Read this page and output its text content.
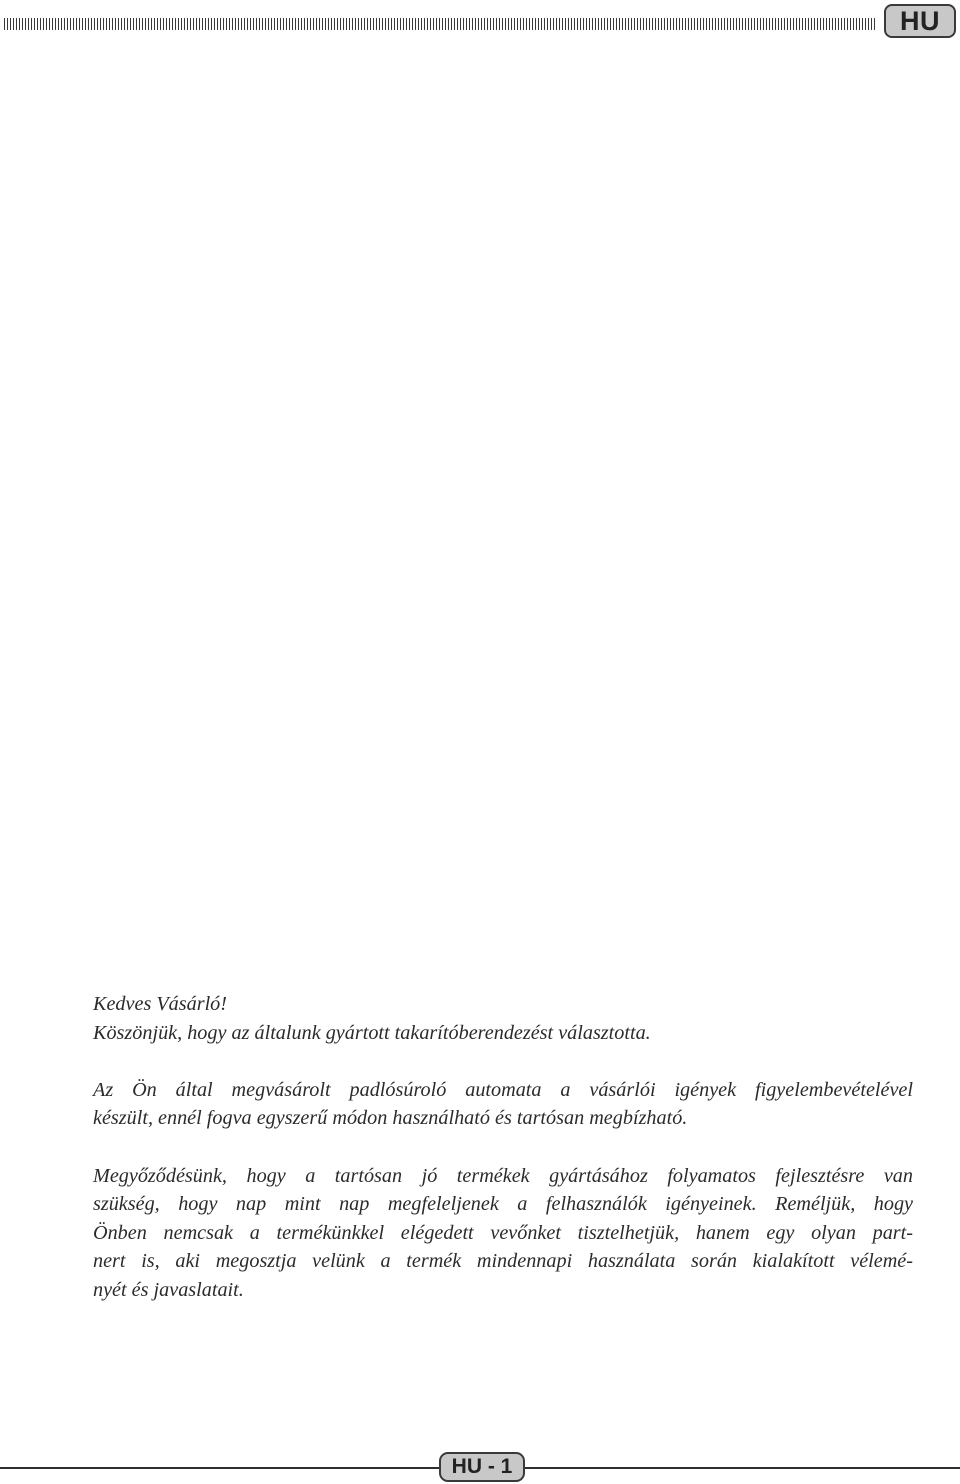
HU

Kedves Vásárló!
Köszönjük, hogy az általunk gyártott takarítóberendezést választotta.

Az Ön által megvásárolt padlósúroló automata a vásárlói igények figyelembevételével
készült, ennél fogva egyszerű módon használható és tartósan megbízható.

Megyőződésünk, hogy a tartósan jó termékek gyártásához folyamatos fejlesztésre van
szükség, hogy nap mint nap megfeleljenek a felhasználók igényeinek. Reméljük, hogy
Önben nemcsak a termékünkkel elégedett vevőnket tisztelhetjük, hanem egy olyan part-
nert is, aki megosztja velünk a termék mindennapi használata során kialakított vélemé-
nyét és javaslatait.

HU - 1
